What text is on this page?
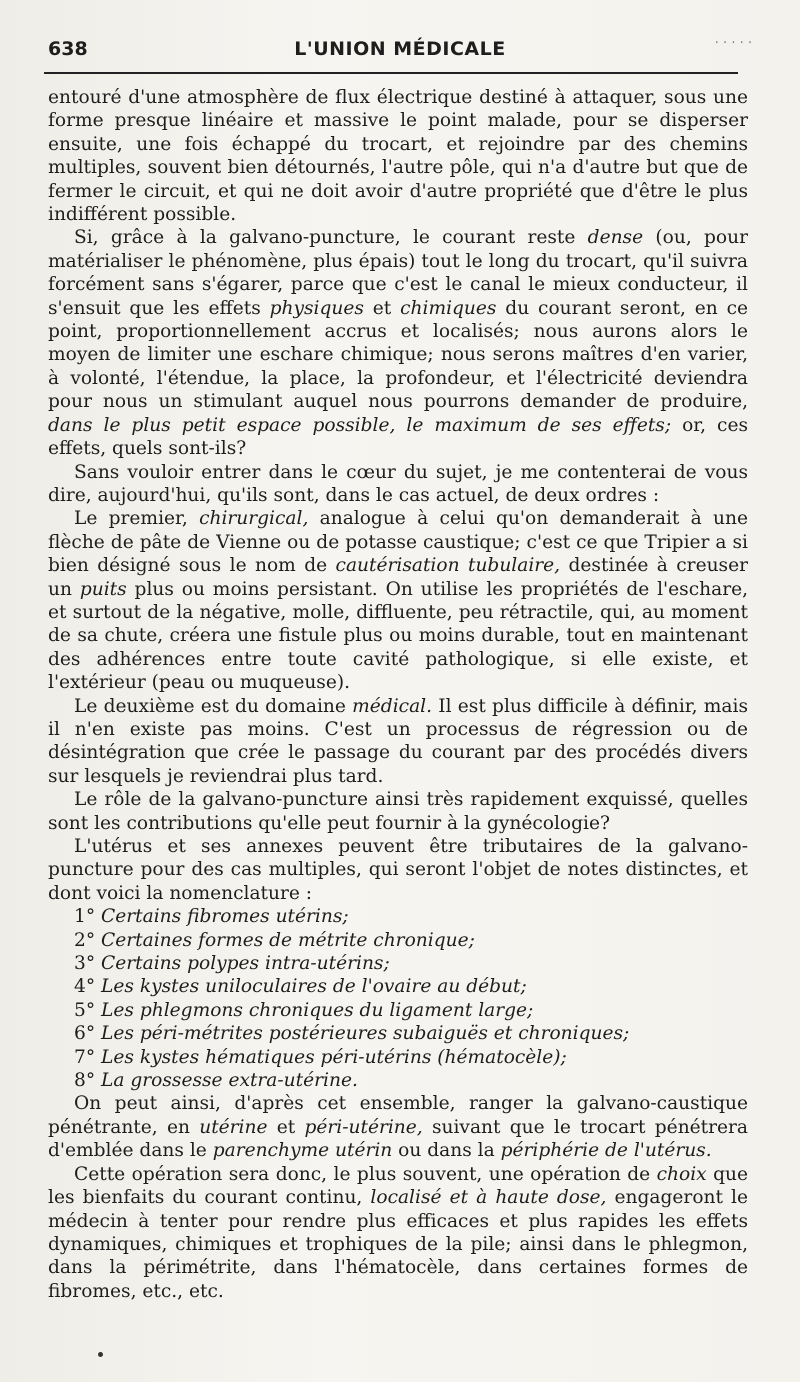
638	L'UNION MÉDICALE	· · · · ·

entouré d'une atmosphère de flux électrique destiné à attaquer, sous une forme presque linéaire et massive le point malade, pour se disperser ensuite, une fois échappé du trocart, et rejoindre par des chemins multiples, souvent bien détournés, l'autre pôle, qui n'a d'autre but que de fermer le circuit, et qui ne doit avoir d'autre propriété que d'être le plus indifférent possible.

Si, grâce à la galvano-puncture, le courant reste dense (ou, pour matérialiser le phénomène, plus épais) tout le long du trocart, qu'il suivra forcément sans s'égarer, parce que c'est le canal le mieux conducteur, il s'ensuit que les effets physiques et chimiques du courant seront, en ce point, proportionnellement accrus et localisés; nous aurons alors le moyen de limiter une eschare chimique; nous serons maîtres d'en varier, à volonté, l'étendue, la place, la profondeur, et l'électricité deviendra pour nous un stimulant auquel nous pourrons demander de produire, dans le plus petit espace possible, le maximum de ses effets; or, ces effets, quels sont-ils?

Sans vouloir entrer dans le cœur du sujet, je me contenterai de vous dire, aujourd'hui, qu'ils sont, dans le cas actuel, de deux ordres :

Le premier, chirurgical, analogue à celui qu'on demanderait à une flèche de pâte de Vienne ou de potasse caustique; c'est ce que Tripier a si bien désigné sous le nom de cautérisation tubulaire, destinée à creuser un puits plus ou moins persistant. On utilise les propriétés de l'eschare, et surtout de la négative, molle, diffluente, peu rétractile, qui, au moment de sa chute, créera une fistule plus ou moins durable, tout en maintenant des adhérences entre toute cavité pathologique, si elle existe, et l'extérieur (peau ou muqueuse).

Le deuxième est du domaine médical. Il est plus difficile à définir, mais il n'en existe pas moins. C'est un processus de régression ou de désintégration que crée le passage du courant par des procédés divers sur lesquels je reviendrai plus tard.

Le rôle de la galvano-puncture ainsi très rapidement exquissé, quelles sont les contributions qu'elle peut fournir à la gynécologie?

L'utérus et ses annexes peuvent être tributaires de la galvano-puncture pour des cas multiples, qui seront l'objet de notes distinctes, et dont voici la nomenclature :

1° Certains fibromes utérins;
2° Certaines formes de métrite chronique;
3° Certains polypes intra-utérins;
4° Les kystes uniloculaires de l'ovaire au début;
5° Les phlegmons chroniques du ligament large;
6° Les péri-métrites postérieures subaiguës et chroniques;
7° Les kystes hématiques péri-utérins (hématocèle);
8° La grossesse extra-utérine.

On peut ainsi, d'après cet ensemble, ranger la galvano-caustique pénétrante, en utérine et péri-utérine, suivant que le trocart pénétrera d'emblée dans le parenchyme utérin ou dans la périphérie de l'utérus.

Cette opération sera donc, le plus souvent, une opération de choix que les bienfaits du courant continu, localisé et à haute dose, engageront le médecin à tenter pour rendre plus efficaces et plus rapides les effets dynamiques, chimiques et trophiques de la pile; ainsi dans le phlegmon, dans la périmétrite, dans l'hématocèle, dans certaines formes de fibromes, etc., etc.
